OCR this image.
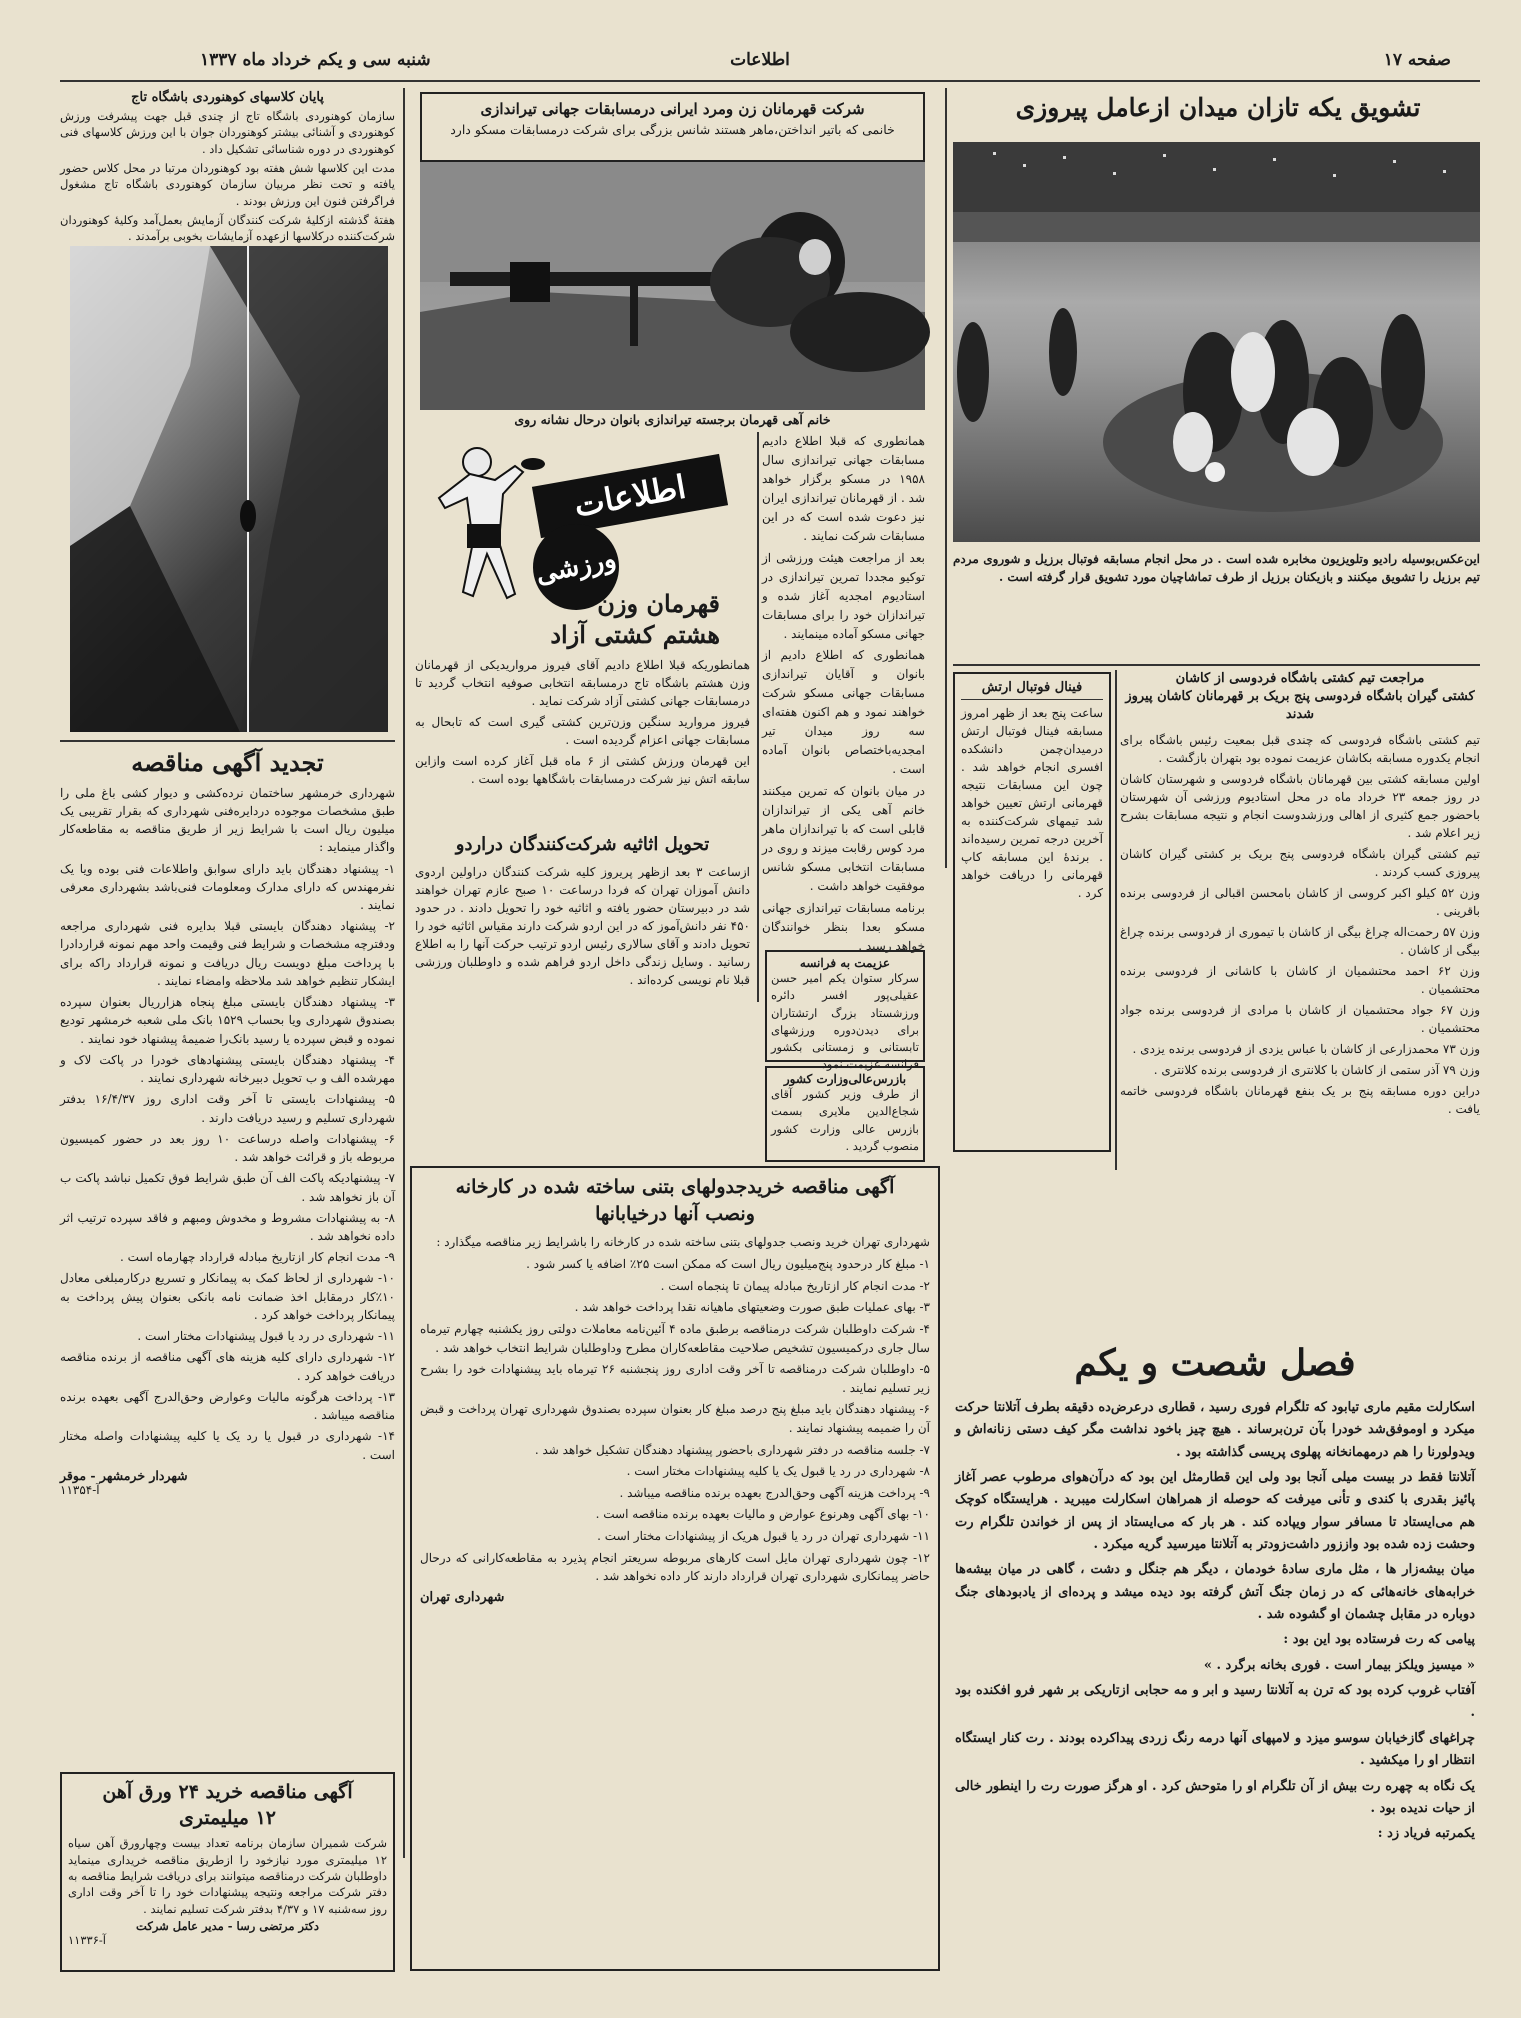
صفحه ۱۷
اطلاعات
شنبه سی و یکم خرداد ماه ۱۳۳۷
تشویق یکه تازان میدان ازعامل پیروزی
این‌عکس‌بوسیله رادیو وتلویزیون مخابره شده است . در محل انجام مسابقه فوتبال برزیل و شوروی مردم تیم برزیل را تشویق میکنند و بازیکنان برزیل از طرف تماشاچیان مورد تشویق قرار گرفته است .
مراجعت تیم کشتی باشگاه فردوسی از کاشان
کشتی گیران باشگاه فردوسی پنج بریک بر قهرمانان کاشان پیروز شدند

تیم کشتی باشگاه فردوسی که چندی قبل بمعیت رئیس باشگاه برای انجام یکدوره مسابقه بکاشان عزیمت نموده بود بتهران بازگشت .

اولین مسابقه کشتی بین قهرمانان باشگاه فردوسی و شهرستان کاشان در روز جمعه ۲۳ خرداد ماه در محل استادیوم ورزشی آن شهرستان باحضور جمع کثیری از اهالی ورزشدوست انجام و نتیجه مسابقات بشرح زیر اعلام شد .

تیم کشتی گیران باشگاه فردوسی پنج بریک بر کشتی گیران کاشان پیروزی کسب کردند .

وزن ۵۲ کیلو اکبر کروسی از کاشان بامحسن اقبالی از فردوسی برنده باقرینی .

وزن ۵۷ رحمت‌اله چراغ بیگی از کاشان با تیموری از فردوسی برنده چراغ بیگی از کاشان .

وزن ۶۲ احمد محتشمیان از کاشان با کاشانی از فردوسی برنده محتشمیان .

وزن ۶۷ جواد محتشمیان از کاشان با مرادی از فردوسی برنده جواد محتشمیان .

وزن ۷۳ محمدزارعی از کاشان با عباس یزدی از فردوسی برنده یزدی .

وزن ۷۹ آذر ستمی از کاشان با کلانتری از فردوسی برنده کلانتری .

دراین دوره مسابقه پنج بر یک بنفع قهرمانان باشگاه فردوسی خاتمه یافت .

فینال فوتبال ارتش
ساعت پنج بعد از ظهر امروز مسابقه فینال فوتبال ارتش درمیدان‌چمن دانشکده افسری انجام خواهد شد . چون این مسابقات نتیجه قهرمانی ارتش تعیین خواهد شد تیمهای شرکت‌کننده به آخرین درجه تمرین رسیده‌اند . برندهٔ این مسابقه کاپ قهرمانی را دریافت خواهد کرد .
شرکت قهرمانان زن ومرد ایرانی درمسابقات جهانی تیراندازی
خانمی که باتیر انداختن‌،ماهر هستند شانس بزرگی برای شرکت درمسابقات مسکو دارد
خانم آهی قهرمان برجسته تیراندازی بانوان درحال نشانه روی

همانطوری که قبلا اطلاع دادیم مسابقات جهانی تیراندازی سال ۱۹۵۸ در مسکو برگزار خواهد شد . از قهرمانان تیراندازی ایران نیز دعوت شده است که در این مسابقات شرکت نمایند .

بعد از مراجعت هیئت ورزشی از توکیو مجددا تمرین تیراندازی در استادیوم امجدیه آغاز شده و تیراندازان خود را برای مسابقات جهانی مسکو آماده مینمایند .

همانطوری که اطلاع دادیم از بانوان و آقایان تیراندازی مسابقات جهانی مسکو شرکت خواهند نمود و هم اکنون هفته‌ای سه روز میدان تیر امجدیه‌باختصاص بانوان آماده است .

در میان بانوان که تمرین میکنند خانم آهی یکی از تیراندازان قابلی است که با تیراندازان ماهر مرد کوس رقابت میزند و روی در مسابقات انتخابی مسکو شانس موفقیت خواهد داشت .

برنامه مسابقات تیراندازی جهانی مسکو بعدا بنظر خوانندگان خواهد رسید .

اطلاعات
ورزشی
قهرمان وزن
هشتم کشتی آزاد

همانطوریکه قبلا اطلاع دادیم آقای فیروز مرواریدیکی از قهرمانان وزن هشتم باشگاه تاج درمسابقه انتخابی صوفیه انتخاب گردید تا درمسابقات جهانی کشتی آزاد شرکت نماید .

فیروز مروارید سنگین وزن‌ترین کشتی گیری است که تابحال به مسابقات جهانی اعزام گردیده است .

این قهرمان ورزش کشتی از ۶ ماه قبل آغاز کرده است وازاین سابقه اتش نیز شرکت درمسابقات باشگاهها بوده است .

تحویل اثاثیه شرکت‌کنندگان دراردو
ازساعت ۳ بعد ازظهر پریروز کلیه شرکت کنندگان دراولین اردوی دانش آموزان تهران که فردا درساعت ۱۰ صبح عازم تهران خواهند شد در دبیرستان حضور یافته و اثاثیه خود را تحویل دادند . در حدود ۴۵۰ نفر دانش‌آموز که در این اردو شرکت دارند مقیاس اثاثیه خود را تحویل دادند و آقای سالاری رئیس اردو ترتیب حرکت آنها را به اطلاع رسانید . وسایل زندگی داخل اردو فراهم شده و داوطلبان ورزشی قبلا نام نویسی کرده‌اند .
عزیمت به فرانسه
سرکار ستوان یکم امیر حسن عقیلی‌پور افسر دائره ورزشستاد بزرگ ارتشتاران برای دیدن‌دوره ورزشهای تابستانی و زمستانی بکشور فرانسه عزیمت نمود .
بازرس‌عالی‌وزارت کشور
از طرف وزیر کشور آقای شجاع‌الدین ملایری بسمت بازرس عالی وزارت کشور منصوب گردید .
پایان کلاسهای کوهنوردی باشگاه تاج

سازمان کوهنوردی باشگاه تاج از چندی قبل جهت پیشرفت ورزش کوهنوردی و آشنائی بیشتر کوهنوردان جوان با این ورزش کلاسهای فنی کوهنوردی در دوره شناسائی تشکیل داد .

مدت این کلاسها شش هفته بود کوهنوردان مرتبا در محل کلاس حضور یافته و تحت نظر مربیان سازمان کوهنوردی باشگاه تاج مشغول فراگرفتن فنون این ورزش بودند .

هفتهٔ گذشته ازکلیهٔ شرکت کنندگان آزمایش بعمل‌آمد وکلیهٔ کوهنوردان شرکت‌کننده درکلاسها ازعهده آزمایشات بخوبی برآمدند .

تجدید آگهی مناقصه

شهرداری خرمشهر ساختمان نرده‌کشی و دیوار کشی باغ ملی را طبق مشخصات موجوده دردایره‌فنی شهرداری که بقرار تقریبی یک میلیون ریال است با شرایط زیر از طریق مناقصه به مقاطعه‌کار واگذار مینماید :

۱- پیشنهاد دهندگان باید دارای سوابق واطلاعات فنی بوده ویا یک نفرمهندس که دارای مدارک ومعلومات فنی‌باشد بشهرداری معرفی نمایند .

۲- پیشنهاد دهندگان بایستی قبلا بدایره فنی شهرداری مراجعه ودفترچه مشخصات و شرایط فنی وقیمت واحد مهم نمونه قراردادرا با پرداخت مبلغ دویست ریال دریافت و نمونه قرارداد راکه برای ایشکار تنظیم خواهد شد ملاحظه وامضاء نمایند .

۳- پیشنهاد دهندگان بایستی مبلغ پنجاه هزارریال بعنوان سپرده بصندوق شهرداری ویا بحساب ۱۵۲۹ بانک ملی شعبه خرمشهر تودیع نموده و قبض سپرده یا رسید بانک‌را ضمیمهٔ پیشنهاد خود نمایند .

۴- پیشنهاد دهندگان بایستی پیشنهادهای خودرا در پاکت لاک و مهرشده الف و ب تحویل دبیرخانه شهرداری نمایند .

۵- پیشنهادات بایستی تا آخر وقت اداری روز ۱۶/۴/۳۷ بدفتر شهرداری تسلیم و رسید دریافت دارند .

۶- پیشنهادات واصله درساعت ۱۰ روز بعد در حضور کمیسیون مربوطه باز و قرائت خواهد شد .

۷- پیشنهادیکه پاکت الف آن طبق شرایط فوق تکمیل نباشد پاکت ب آن باز نخواهد شد .

۸- به پیشنهادات مشروط و مخدوش ومبهم و فاقد سپرده ترتیب اثر داده نخواهد شد .

۹- مدت انجام کار ازتاریخ مبادله قرارداد چهارماه است .

۱۰- شهرداری از لحاظ کمک به پیمانکار و تسریع درکارمبلغی معادل ۱۰٪کار درمقابل اخذ ضمانت نامه بانکی بعنوان پیش پرداخت به پیمانکار پرداخت خواهد کرد .

۱۱- شهرداری در رد یا قبول پیشنهادات مختار است .

۱۲- شهرداری دارای کلیه هزینه های آگهی مناقصه از برنده مناقصه دریافت خواهد کرد .

۱۳- پرداخت هرگونه مالیات وعوارض وحق‌الدرج آگهی بعهده برنده مناقصه میباشد .

۱۴- شهرداری در قبول یا رد یک یا کلیه پیشنهادات واصله مختار است .

شهردار خرمشهر - موقر
آ-۱۱۳۵۴
آگهی مناقصه خرید ۲۴ ورق آهن
۱۲ میلیمتری
شرکت شمیران سازمان برنامه تعداد بیست وچهارورق آهن سیاه ۱۲ میلیمتری مورد نیازخود را ازطریق مناقصه خریداری مینماید داوطلبان شرکت درمناقصه میتوانند برای دریافت شرایط مناقصه به دفتر شرکت مراجعه ونتیجه پیشنهادات خود را تا آخر وقت اداری روز سه‌شنبه ۱۷ و ۴/۳۷ بدفتر شرکت تسلیم نمایند .
دکتر مرتضی رسا - مدیر عامل شرکت
آ-۱۱۳۳۶
آگهی مناقصه خریدجدولهای بتنی ساخته شده در کارخانه
ونصب آنها درخیابانها
شهرداری تهران خرید ونصب جدولهای بتنی ساخته شده در کارخانه را باشرایط زیر مناقصه میگذارد :

۱- مبلغ کار درحدود پنج‌میلیون ریال است که ممکن است ۲۵٪ اضافه یا کسر شود .

۲- مدت انجام کار ازتاریخ مبادله پیمان تا پنجماه است .

۳- بهای عملیات طبق صورت وضعیتهای ماهیانه نقدا پرداخت خواهد شد .

۴- شرکت داوطلبان شرکت درمناقصه برطبق ماده ۴ آئین‌نامه معاملات دولتی روز یکشنبه چهارم تیرماه سال جاری درکمیسیون تشخیص صلاحیت مقاطعه‌کاران مطرح وداوطلبان شرایط انتخاب خواهد شد .

۵- داوطلبان شرکت درمناقصه تا آخر وقت اداری روز پنجشنبه ۲۶ تیرماه باید پیشنهادات خود را بشرح زیر تسلیم نمایند .

۶- پیشنهاد دهندگان باید مبلغ پنج درصد مبلغ کار بعنوان سپرده بصندوق شهرداری تهران پرداخت و قبض آن را ضمیمه پیشنهاد نمایند .

۷- جلسه مناقصه در دفتر شهرداری باحضور پیشنهاد دهندگان تشکیل خواهد شد .

۸- شهرداری در رد یا قبول یک یا کلیه پیشنهادات مختار است .

۹- پرداخت هزینه آگهی وحق‌الدرج بعهده برنده مناقصه میباشد .

۱۰- بهای آگهی وهرنوع عوارض و مالیات بعهده برنده مناقصه است .

۱۱- شهرداری تهران در رد یا قبول هریک از پیشنهادات مختار است .

۱۲- چون شهرداری تهران مایل است کارهای مربوطه سریعتر انجام پذیرد به مقاطعه‌کارانی که درحال حاضر پیمانکاری شهرداری تهران قرارداد دارند کار داده نخواهد شد .

شهرداری تهران
فصل شصت و یکم

اسکارلت مقیم ماری تیابود که تلگرام فوری رسید ، قطاری درعرض‌ده دقیقه بطرف آتلانتا حرکت میکرد و اوموفق‌شد خودرا بآن ترن‌برساند . هیچ چیز باخود نداشت مگر کیف دستی زنانه‌اش و ویدولورنا را هم درمهمانخانه پهلوی پریسی گذاشته بود .

آتلانتا فقط در بیست میلی آنجا بود ولی این قطارمثل این بود که درآن‌هوای مرطوب عصر آغاز پائیز بقدری با کندی و تأنی میرفت که حوصله از همراهان اسکارلت میبرید . هرایستگاه کوچک هم می‌ایستاد تا مسافر سوار ویپاده کند . هر بار که می‌ایستاد از پس از خواندن تلگرام رت وحشت زده شده بود واززور داشت‌زودتر به آتلانتا میرسید گریه میکرد .

میان بیشه‌زار ها ، مثل ماری سادهٔ خودمان ، دیگر هم جنگل و دشت ، گاهی در میان بیشه‌ها خرابه‌های خانه‌هائی که در زمان جنگ آتش گرفته بود دیده میشد و پرده‌ای از یادبودهای جنگ دوباره در مقابل چشمان او گشوده شد .

پیامی که رت فرستاده بود این بود :

« میسیز ویلکز بیمار است . فوری بخانه برگرد . »

آفتاب غروب کرده بود که ترن به آتلانتا رسید و ابر و مه حجابی ازتاریکی بر شهر فرو افکنده بود .

چراغهای گازخیابان سوسو میزد و لامپهای آنها درمه رنگ زردی پیداکرده بودند . رت کنار ایستگاه انتظار او را میکشید .

یک نگاه به چهره رت بیش از آن تلگرام او را متوحش کرد . او هرگز صورت رت را اینطور خالی از حیات ندیده بود .

یکمرتبه فریاد زد :
